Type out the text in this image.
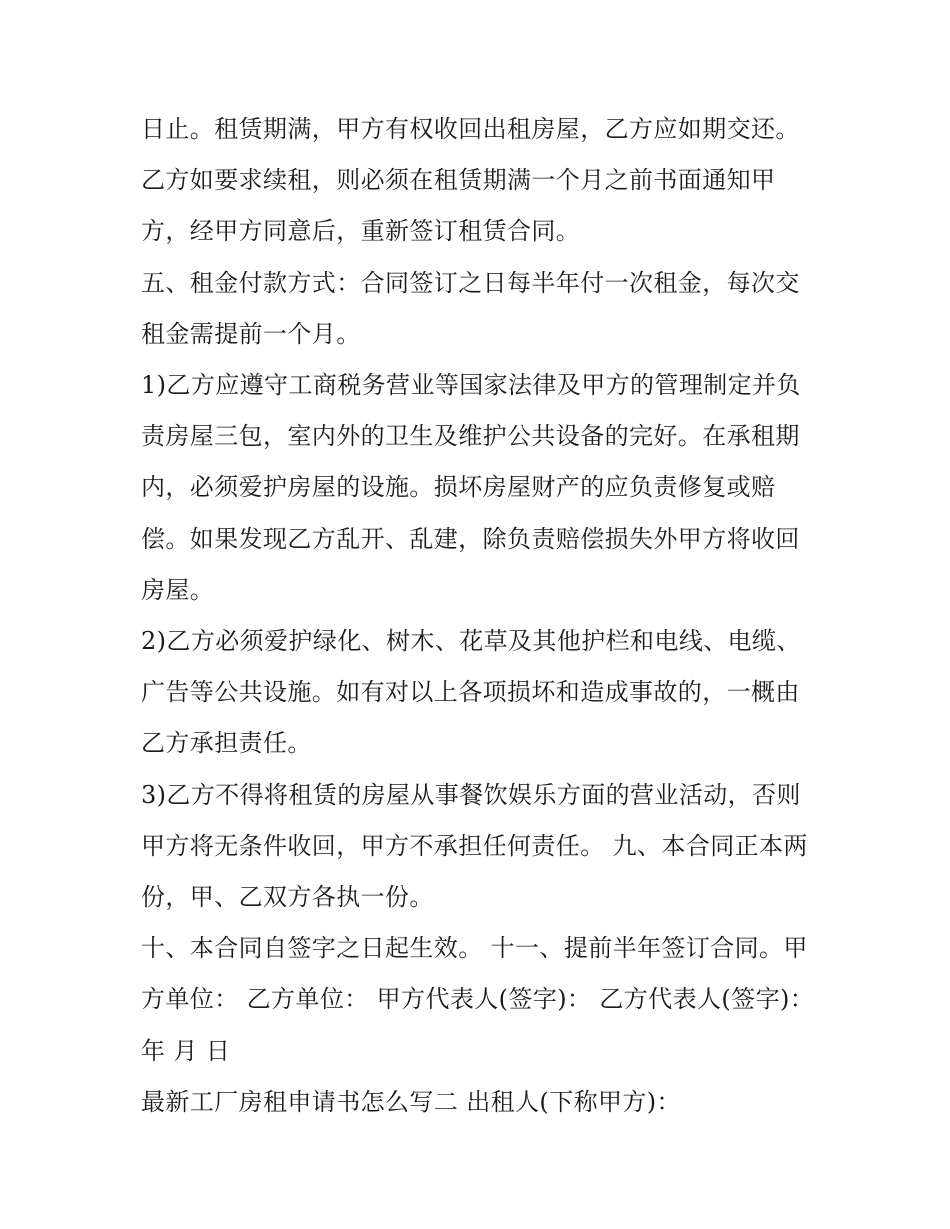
日止。租赁期满，甲方有权收回出租房屋，乙方应如期交还。乙方如要求续租，则必须在租赁期满一个月之前书面通知甲方，经甲方同意后，重新签订租赁合同。

五、租金付款方式：合同签订之日每半年付一次租金，每次交租金需提前一个月。

1)乙方应遵守工商税务营业等国家法律及甲方的管理制定并负责房屋三包，室内外的卫生及维护公共设备的完好。在承租期内，必须爱护房屋的设施。损坏房屋财产的应负责修复或赔偿。如果发现乙方乱开、乱建，除负责赔偿损失外甲方将收回房屋。

2)乙方必须爱护绿化、树木、花草及其他护栏和电线、电缆、广告等公共设施。如有对以上各项损坏和造成事故的，一概由乙方承担责任。

3)乙方不得将租赁的房屋从事餐饮娱乐方面的营业活动，否则甲方将无条件收回，甲方不承担任何责任。 九、本合同正本两份，甲、乙双方各执一份。

十、本合同自签字之日起生效。 十一、提前半年签订合同。甲方单位： 乙方单位： 甲方代表人(签字)： 乙方代表人(签字)： 年 月 日

最新工厂房租申请书怎么写二 出租人(下称甲方)：
